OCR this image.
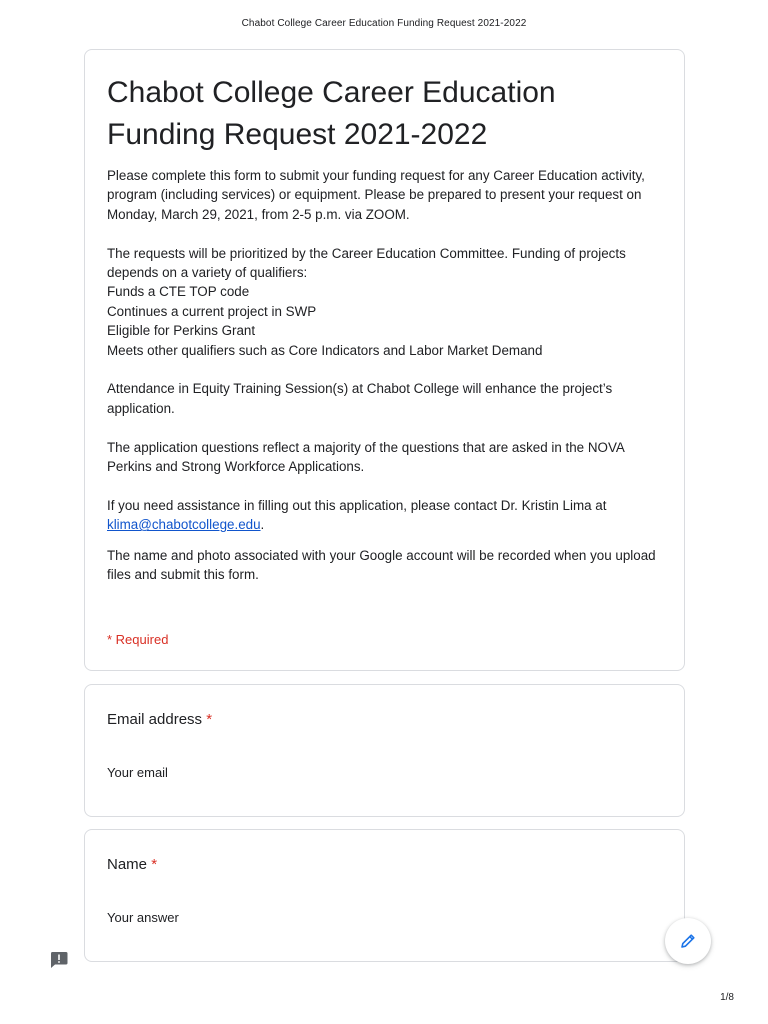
Chabot College Career Education Funding Request 2021-2022
Chabot College Career Education Funding Request 2021-2022

Please complete this form to submit your funding request for any Career Education activity, program (including services) or equipment. Please be prepared to present your request on Monday, March 29, 2021, from 2-5 p.m. via ZOOM.

The requests will be prioritized by the Career Education Committee. Funding of projects depends on a variety of qualifiers:

Funds a CTE TOP code

Continues a current project in SWP

Eligible for Perkins Grant

Meets other qualifiers such as Core Indicators and Labor Market Demand

Attendance in Equity Training Session(s) at Chabot College will enhance the project’s application.

The application questions reflect a majority of the questions that are asked in the NOVA Perkins and Strong Workforce Applications.

If you need assistance in filling out this application, please contact Dr. Kristin Lima at
klima@chabotcollege.edu.

The name and photo associated with your Google account will be recorded when you upload files and submit this form.
* Required
Email address *
Your email
Name *
Your answer
1/8
